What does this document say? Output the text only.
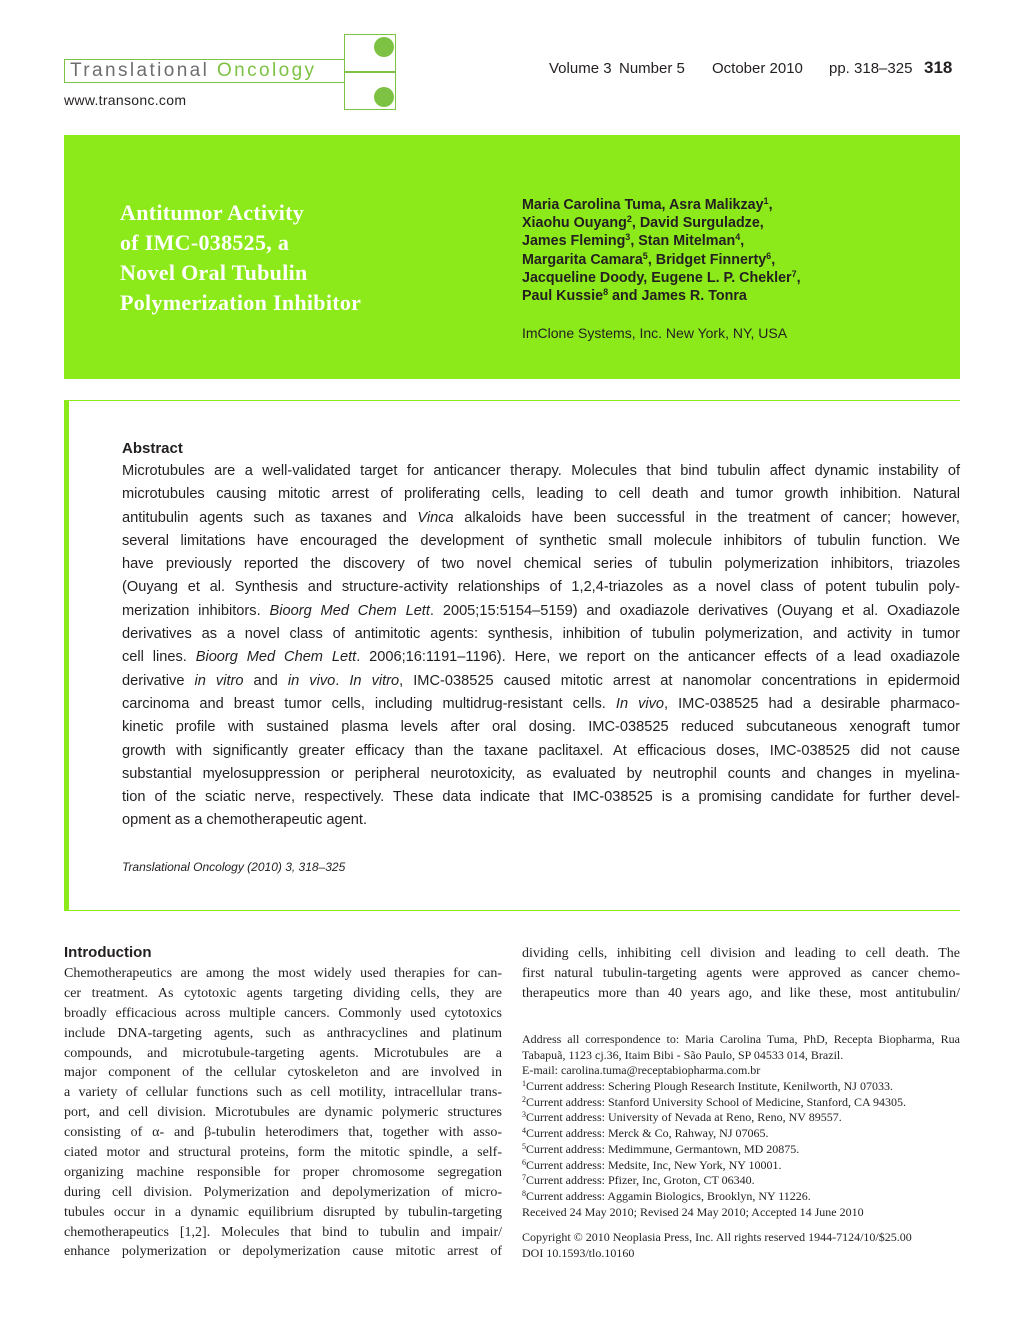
Translational Oncology
www.transonc.com
Volume 3 Number 5 October 2010 pp. 318–325 318
Antitumor Activity
of IMC-038525, a
Novel Oral Tubulin
Polymerization Inhibitor
Maria Carolina Tuma, Asra Malikzay$^1$,
Xiaohu Ouyang$^2$, David Surguladze,
James Fleming$^3$, Stan Mitelman$^4$,
Margarita Camara$^5$, Bridget Finnerty$^6$,
Jacqueline Doody, Eugene L. P. Chekler$^7$,
Paul Kussie$^8$ and James R. Tonra
ImClone Systems, Inc. New York, NY, USA
Abstract
Microtubules are a well-validated target for anticancer therapy. Molecules that bind tubulin affect dynamic instability of
microtubules causing mitotic arrest of proliferating cells, leading to cell death and tumor growth inhibition. Natural
antitubulin agents such as taxanes and Vinca alkaloids have been successful in the treatment of cancer; however,
several limitations have encouraged the development of synthetic small molecule inhibitors of tubulin function. We
have previously reported the discovery of two novel chemical series of tubulin polymerization inhibitors, triazoles
(Ouyang et al. Synthesis and structure-activity relationships of 1,2,4-triazoles as a novel class of potent tubulin poly-
merization inhibitors. Bioorg Med Chem Lett. 2005;15:5154–5159) and oxadiazole derivatives (Ouyang et al. Oxadiazole
derivatives as a novel class of antimitotic agents: synthesis, inhibition of tubulin polymerization, and activity in tumor
cell lines. Bioorg Med Chem Lett. 2006;16:1191–1196). Here, we report on the anticancer effects of a lead oxadiazole
derivative in vitro and in vivo. In vitro, IMC-038525 caused mitotic arrest at nanomolar concentrations in epidermoid
carcinoma and breast tumor cells, including multidrug-resistant cells. In vivo, IMC-038525 had a desirable pharmaco-
kinetic profile with sustained plasma levels after oral dosing. IMC-038525 reduced subcutaneous xenograft tumor
growth with significantly greater efficacy than the taxane paclitaxel. At efficacious doses, IMC-038525 did not cause
substantial myelosuppression or peripheral neurotoxicity, as evaluated by neutrophil counts and changes in myelina-
tion of the sciatic nerve, respectively. These data indicate that IMC-038525 is a promising candidate for further devel-
opment as a chemotherapeutic agent.
Translational Oncology (2010) 3, 318–325
Introduction
Chemotherapeutics are among the most widely used therapies for can-
cer treatment. As cytotoxic agents targeting dividing cells, they are
broadly efficacious across multiple cancers. Commonly used cytotoxics
include DNA-targeting agents, such as anthracyclines and platinum
compounds, and microtubule-targeting agents. Microtubules are a
major component of the cellular cytoskeleton and are involved in
a variety of cellular functions such as cell motility, intracellular trans-
port, and cell division. Microtubules are dynamic polymeric structures
consisting of α- and β-tubulin heterodimers that, together with asso-
ciated motor and structural proteins, form the mitotic spindle, a self-
organizing machine responsible for proper chromosome segregation
during cell division. Polymerization and depolymerization of micro-
tubules occur in a dynamic equilibrium disrupted by tubulin-targeting
chemotherapeutics [1,2]. Molecules that bind to tubulin and impair/
enhance polymerization or depolymerization cause mitotic arrest of
dividing cells, inhibiting cell division and leading to cell death. The
first natural tubulin-targeting agents were approved as cancer chemo-
therapeutics more than 40 years ago, and like these, most antitubulin/
Address all correspondence to: Maria Carolina Tuma, PhD, Recepta Biopharma, Rua
Tabapuã, 1123 cj.36, Itaim Bibi - São Paulo, SP 04533 014, Brazil.
E-mail: carolina.tuma@receptabiopharma.com.br
$^1$Current address: Schering Plough Research Institute, Kenilworth, NJ 07033.
$^2$Current address: Stanford University School of Medicine, Stanford, CA 94305.
$^3$Current address: University of Nevada at Reno, Reno, NV 89557.
$^4$Current address: Merck & Co, Rahway, NJ 07065.
$^5$Current address: Medimmune, Germantown, MD 20875.
$^6$Current address: Medsite, Inc, New York, NY 10001.
$^7$Current address: Pfizer, Inc, Groton, CT 06340.
$^8$Current address: Aggamin Biologics, Brooklyn, NY 11226.
Received 24 May 2010; Revised 24 May 2010; Accepted 14 June 2010
Copyright © 2010 Neoplasia Press, Inc. All rights reserved 1944-7124/10/$25.00
DOI 10.1593/tlo.10160
